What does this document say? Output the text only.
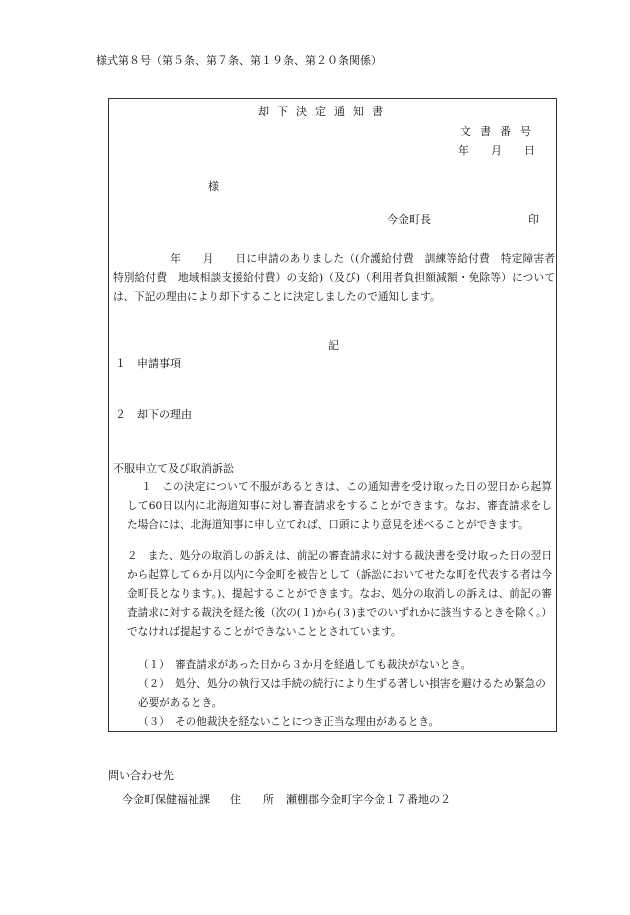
様式第８号（第５条、第７条、第１９条、第２０条関係）
却下決定通知書
文書番号
年　　月　　日
様
今金町長	印
年　　月　　日に申請のありました（(介護給付費　訓練等給付費　特定障害者特別給付費　地域相談支援給付費）の支給)（及び)（利用者負担額減額・免除等）については、下記の理由により却下することに決定しましたので通知します。
記
１ 申請事項
２ 却下の理由
不服申立て及び取消訴訟
１ この決定について不服があるときは、この通知書を受け取った日の翌日から起算して60日以内に北海道知事に対し審査請求をすることができます。なお、審査請求をした場合には、北海道知事に申し立てれば、口頭により意見を述べることができます。
２ また、処分の取消しの訴えは、前記の審査請求に対する裁決書を受け取った日の翌日から起算して６か月以内に今金町を被告として（訴訟においてせたな町を代表する者は今金町長となります。)、提起することができます。なお、処分の取消しの訴えは、前記の審査請求に対する裁決を経た後（次の(１)から(３)までのいずれかに該当するときを除く。）でなければ提起することができないこととされています。
（１）　審査請求があった日から３か月を経過しても裁決がないとき。
（２）　処分、処分の執行又は手続の続行により生ずる著しい損害を避けるため緊急の必要があるとき。
（３）　その他裁決を経ないことにつき正当な理由があるとき。
問い合わせ先
今金町保健福祉課 住　　所 瀬棚郡今金町字今金１７番地の２
